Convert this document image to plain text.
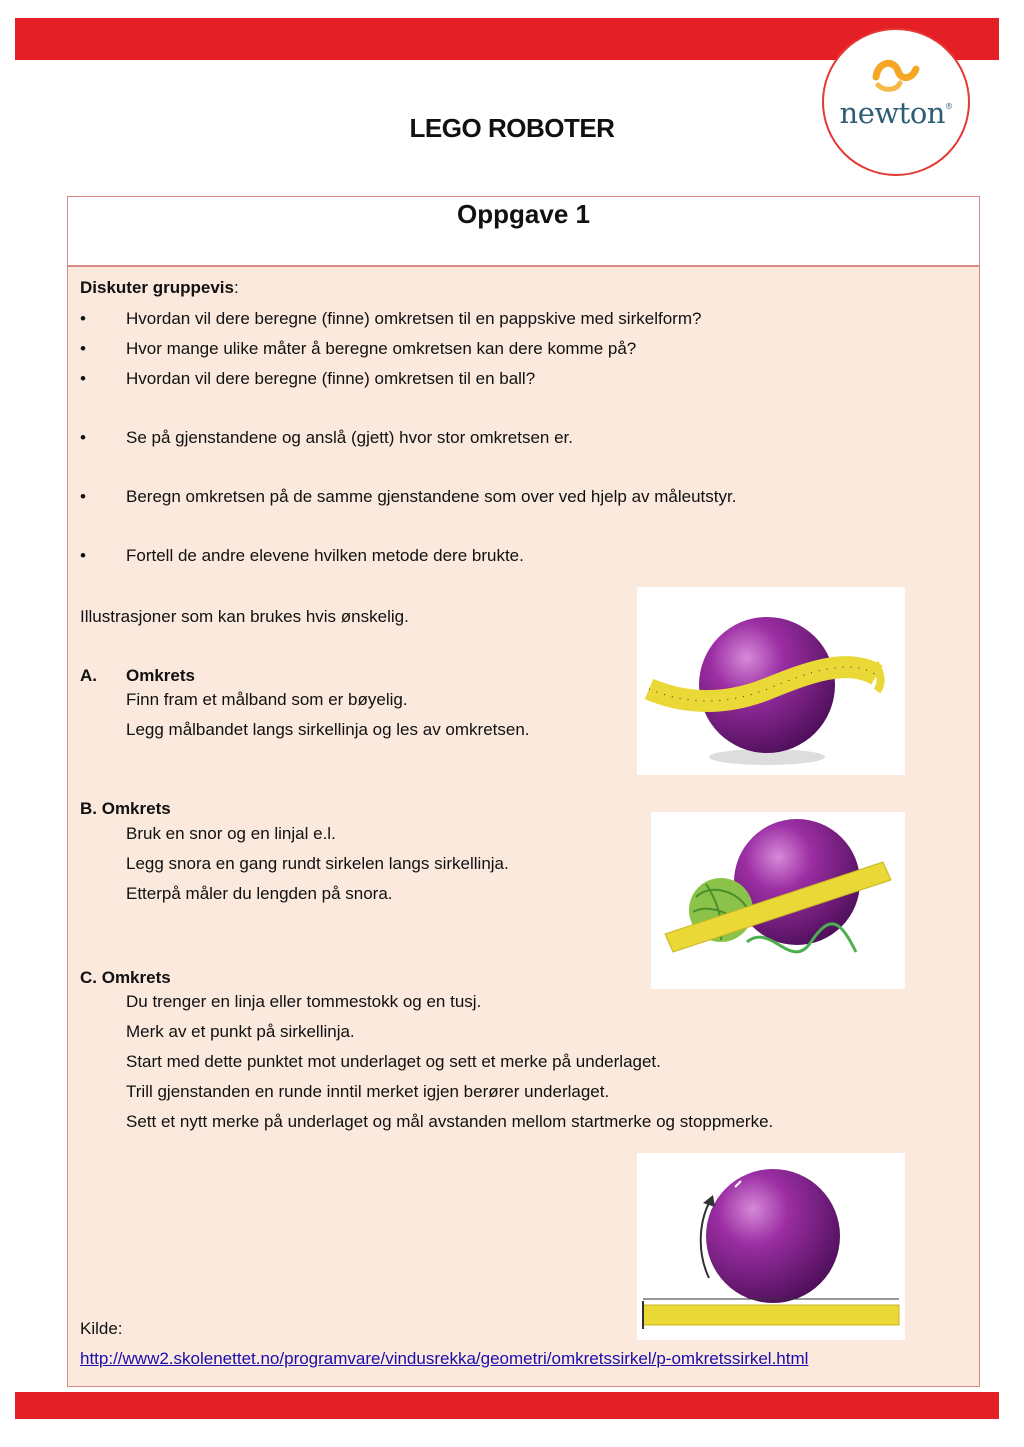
newton®
LEGO ROBOTER
Oppgave 1
Diskuter gruppevis:
• Hvordan vil dere beregne (finne) omkretsen til en pappskive med sirkelform?
• Hvor mange ulike måter å beregne omkretsen kan dere komme på?
• Hvordan vil dere beregne (finne) omkretsen til en ball?
• Se på gjenstandene og anslå (gjett) hvor stor omkretsen er.
• Beregn omkretsen på de samme gjenstandene som over ved hjelp av måleutstyr.
• Fortell de andre elevene hvilken metode dere brukte.
Illustrasjoner som kan brukes hvis ønskelig.
A. Omkrets
Finn fram et målband som er bøyelig.
Legg målbandet langs sirkellinja og les av omkretsen.
B. Omkrets
Bruk en snor og en linjal e.l.
Legg snora en gang rundt sirkelen langs sirkellinja.
Etterpå måler du lengden på snora.
C. Omkrets
Du trenger en linja eller tommestokk og en tusj.
Merk av et punkt på sirkellinja.
Start med dette punktet mot underlaget og sett et merke på underlaget.
Trill gjenstanden en runde inntil merket igjen berører underlaget.
Sett et nytt merke på underlaget og mål avstanden mellom startmerke og stoppmerke.
Kilde:
http://www2.skolenettet.no/programvare/vindusrekka/geometri/omkretssirkel/p-omkretssirkel.html
